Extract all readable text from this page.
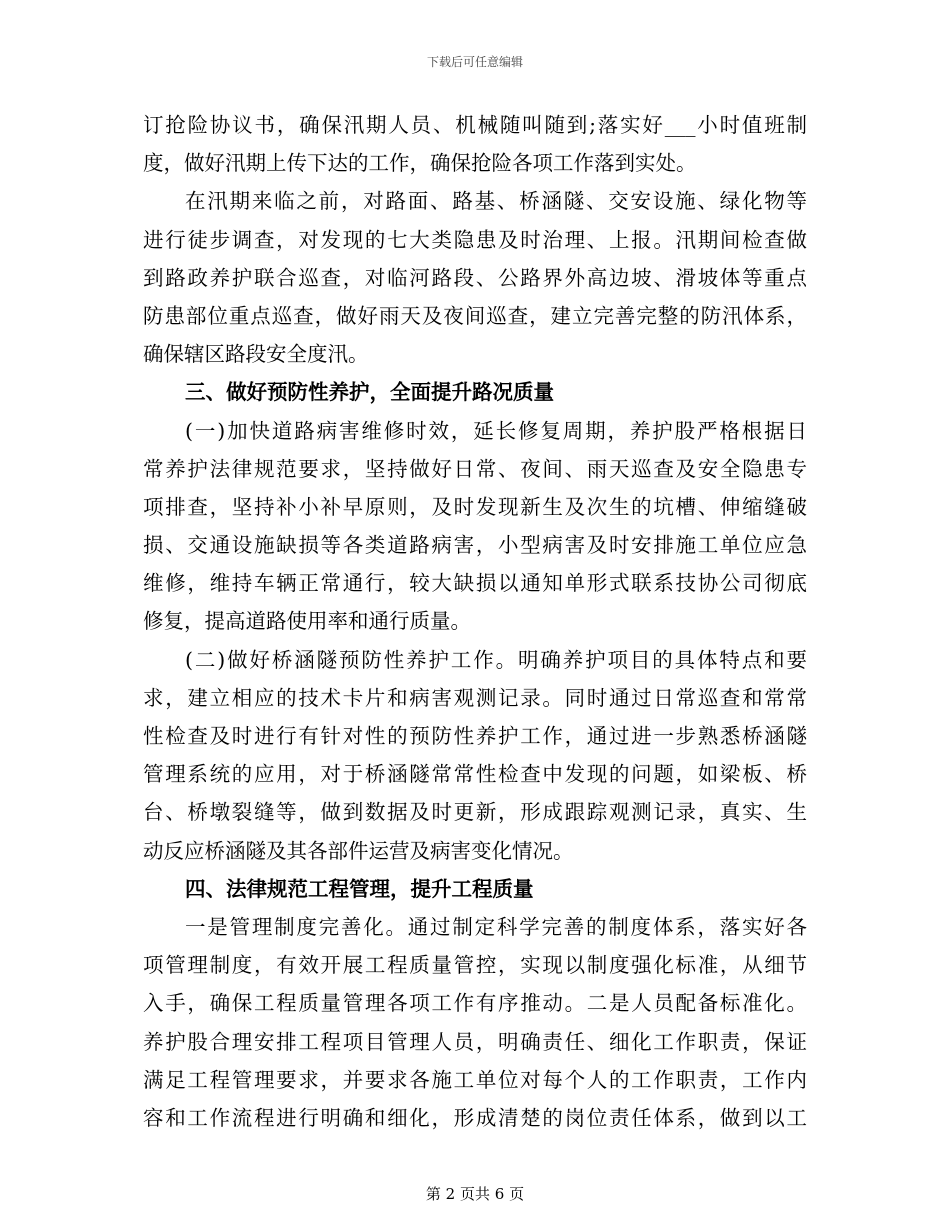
下载后可任意编辑
订抢险协议书，确保汛期人员、机械随叫随到;落实好___小时值班制
度，做好汛期上传下达的工作，确保抢险各项工作落到实处。
在汛期来临之前，对路面、路基、桥涵隧、交安设施、绿化物等
进行徒步调查，对发现的七大类隐患及时治理、上报。汛期间检查做
到路政养护联合巡查，对临河路段、公路界外高边坡、滑坡体等重点
防患部位重点巡查，做好雨天及夜间巡查，建立完善完整的防汛体系，
确保辖区路段安全度汛。
三、做好预防性养护，全面提升路况质量
(一)加快道路病害维修时效，延长修复周期，养护股严格根据日
常养护法律规范要求，坚持做好日常、夜间、雨天巡查及安全隐患专
项排查，坚持补小补早原则，及时发现新生及次生的坑槽、伸缩缝破
损、交通设施缺损等各类道路病害，小型病害及时安排施工单位应急
维修，维持车辆正常通行，较大缺损以通知单形式联系技协公司彻底
修复，提高道路使用率和通行质量。
(二)做好桥涵隧预防性养护工作。明确养护项目的具体特点和要
求，建立相应的技术卡片和病害观测记录。同时通过日常巡查和常常
性检查及时进行有针对性的预防性养护工作，通过进一步熟悉桥涵隧
管理系统的应用，对于桥涵隧常常性检查中发现的问题，如梁板、桥
台、桥墩裂缝等，做到数据及时更新，形成跟踪观测记录，真实、生
动反应桥涵隧及其各部件运营及病害变化情况。
四、法律规范工程管理，提升工程质量
一是管理制度完善化。通过制定科学完善的制度体系，落实好各
项管理制度，有效开展工程质量管控，实现以制度强化标准，从细节
入手，确保工程质量管理各项工作有序推动。二是人员配备标准化。
养护股合理安排工程项目管理人员，明确责任、细化工作职责，保证
满足工程管理要求，并要求各施工单位对每个人的工作职责，工作内
容和工作流程进行明确和细化，形成清楚的岗位责任体系，做到以工
第 2 页共 6 页
